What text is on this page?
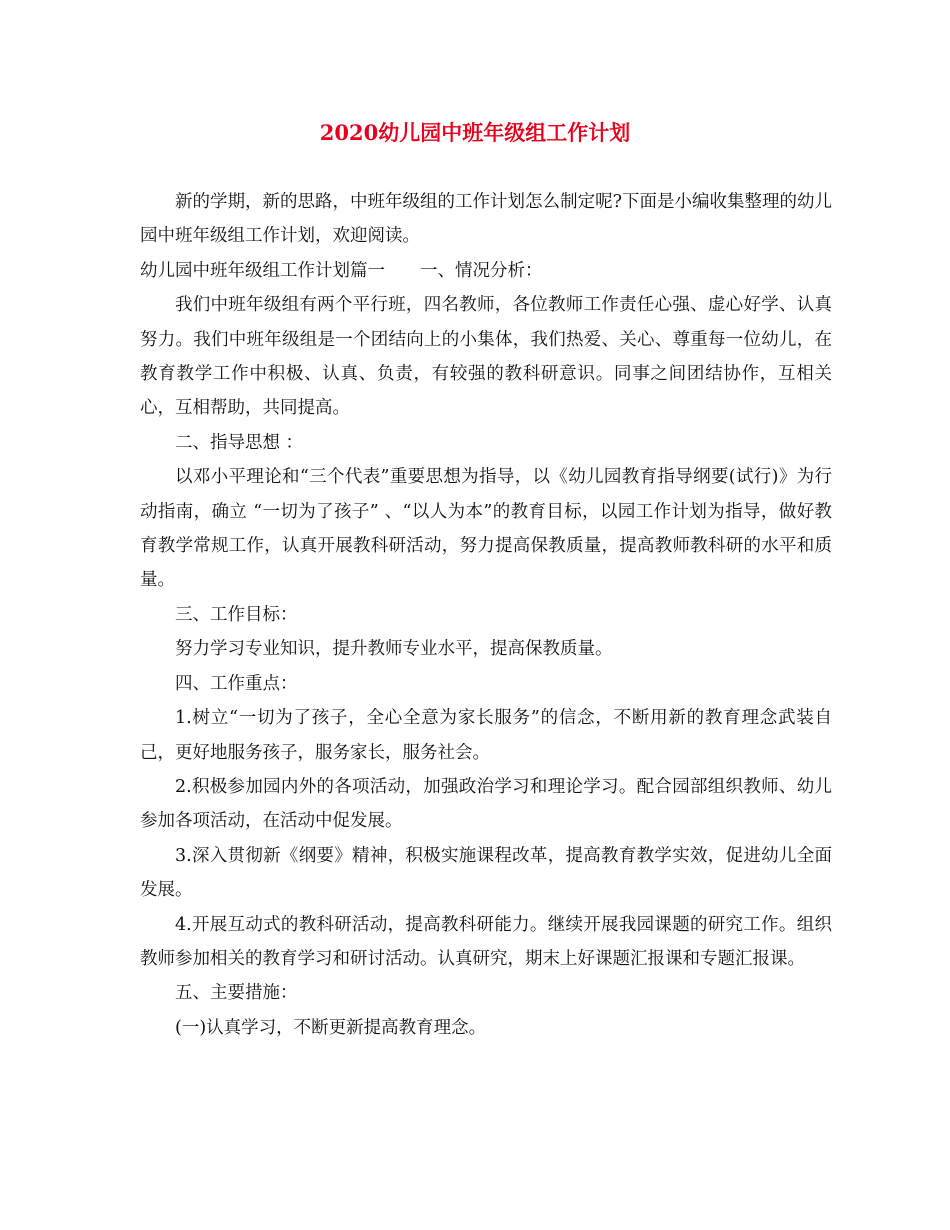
2020幼儿园中班年级组工作计划

新的学期，新的思路，中班年级组的工作计划怎么制定呢?下面是小编收集整理的幼儿园中班年级组工作计划，欢迎阅读。

幼儿园中班年级组工作计划篇一　　一、情况分析：

我们中班年级组有两个平行班，四名教师，各位教师工作责任心强、虚心好学、认真努力。我们中班年级组是一个团结向上的小集体，我们热爱、关心、尊重每一位幼儿，在教育教学工作中积极、认真、负责，有较强的教科研意识。同事之间团结协作，互相关心，互相帮助，共同提高。

二、指导思想 ：

以邓小平理论和“三个代表”重要思想为指导，以《幼儿园教育指导纲要(试行)》为行动指南，确立 “一切为了孩子” 、“以人为本”的教育目标，以园工作计划为指导，做好教育教学常规工作，认真开展教科研活动，努力提高保教质量，提高教师教科研的水平和质量。

三、工作目标：

努力学习专业知识，提升教师专业水平，提高保教质量。

四、工作重点：

1.树立“一切为了孩子，全心全意为家长服务”的信念，不断用新的教育理念武装自己，更好地服务孩子，服务家长，服务社会。

2.积极参加园内外的各项活动，加强政治学习和理论学习。配合园部组织教师、幼儿参加各项活动，在活动中促发展。

3.深入贯彻新《纲要》精神，积极实施课程改革，提高教育教学实效，促进幼儿全面发展。

4.开展互动式的教科研活动，提高教科研能力。继续开展我园课题的研究工作。组织教师参加相关的教育学习和研讨活动。认真研究，期末上好课题汇报课和专题汇报课。

五、主要措施：

(一)认真学习，不断更新提高教育理念。
